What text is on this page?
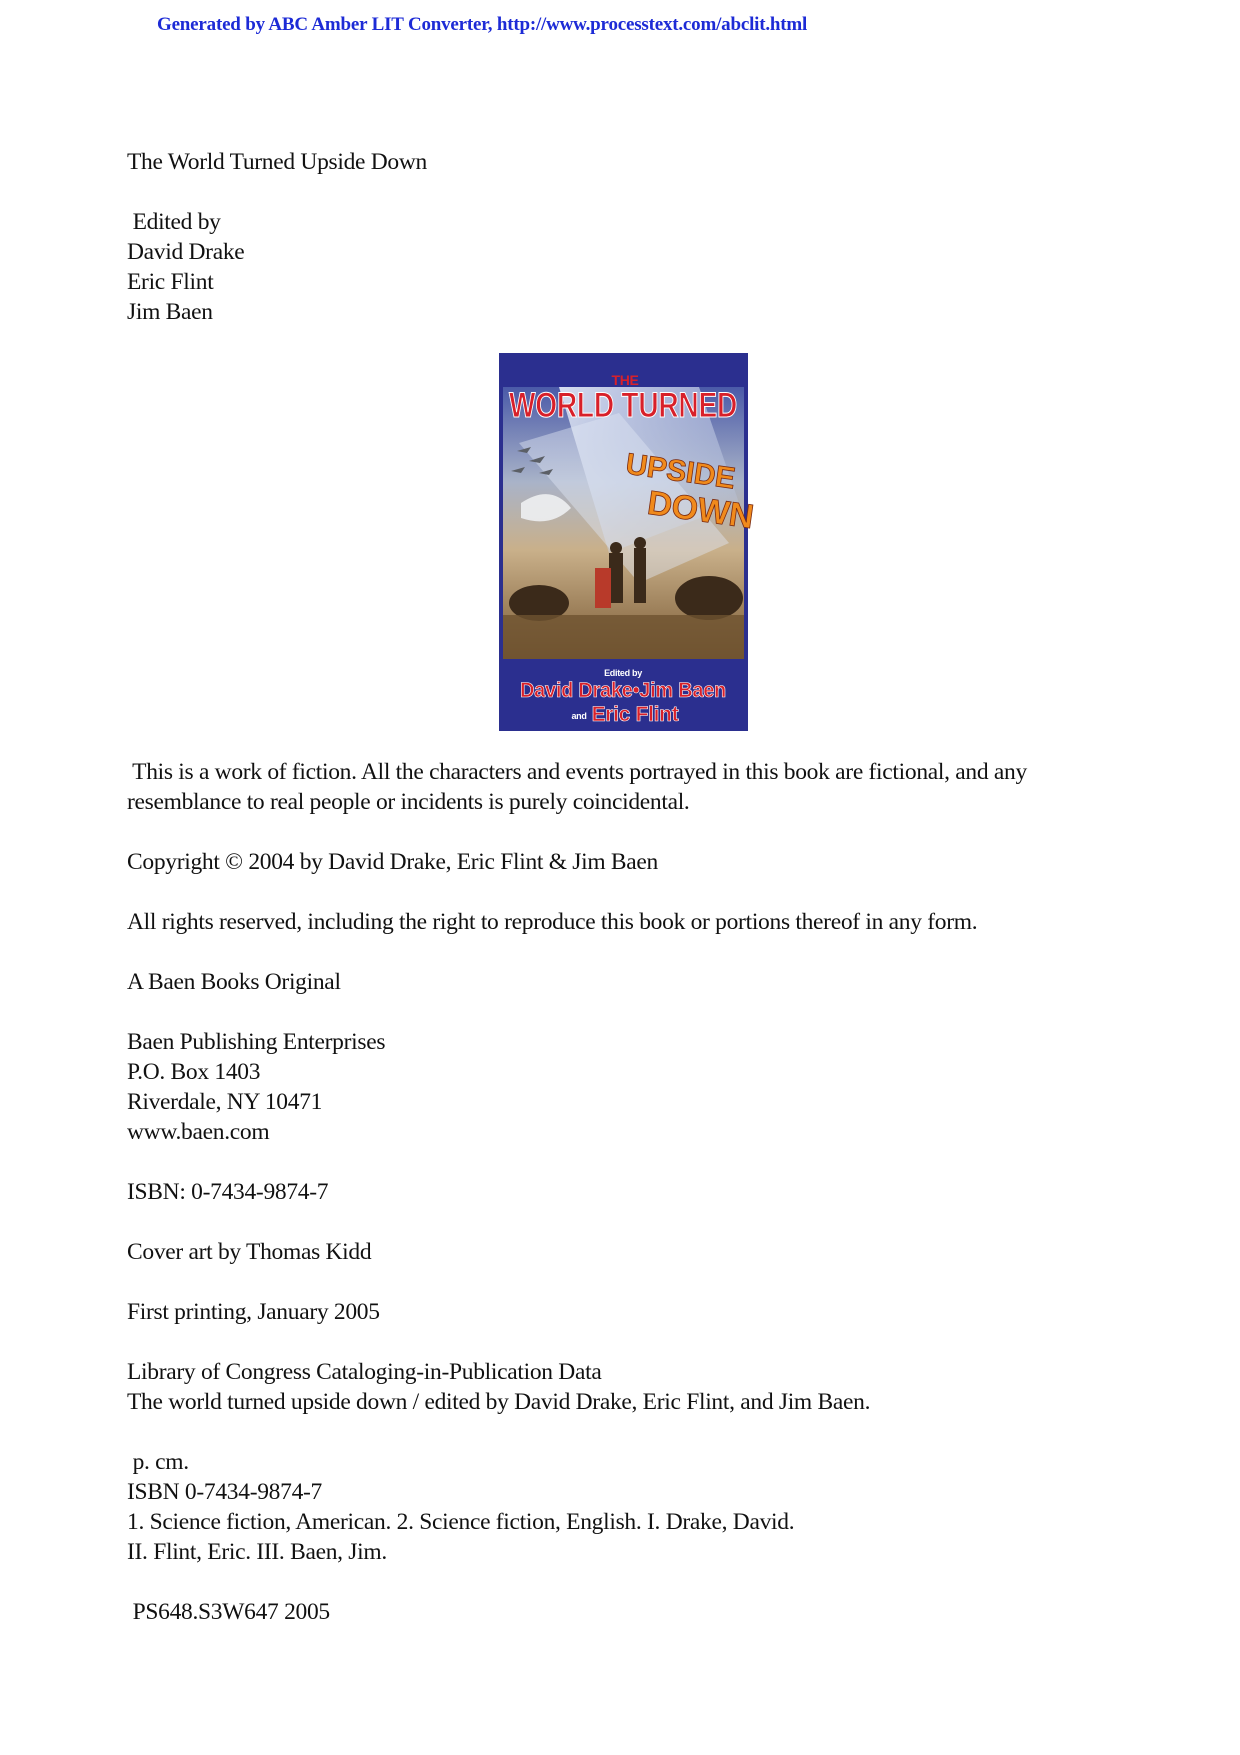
Generated by ABC Amber LIT Converter, http://www.processtext.com/abclit.html
The World Turned Upside Down
Edited by
David Drake
Eric Flint
Jim Baen
THE
WORLD TURNED
UPSIDE
DOWN
Edited by
David Drake•Jim Baen
and Eric Flint
This is a work of fiction. All the characters and events portrayed in this book are fictional, and any
resemblance to real people or incidents is purely coincidental.
Copyright © 2004 by David Drake, Eric Flint & Jim Baen
All rights reserved, including the right to reproduce this book or portions thereof in any form.
A Baen Books Original
Baen Publishing Enterprises
P.O. Box 1403
Riverdale, NY 10471
www.baen.com
ISBN: 0-7434-9874-7
Cover art by Thomas Kidd
First printing, January 2005
Library of Congress Cataloging-in-Publication Data
The world turned upside down / edited by David Drake, Eric Flint, and Jim Baen.
p. cm.
ISBN 0-7434-9874-7
1. Science fiction, American. 2. Science fiction, English. I. Drake, David.
II. Flint, Eric. III. Baen, Jim.
PS648.S3W647 2005
